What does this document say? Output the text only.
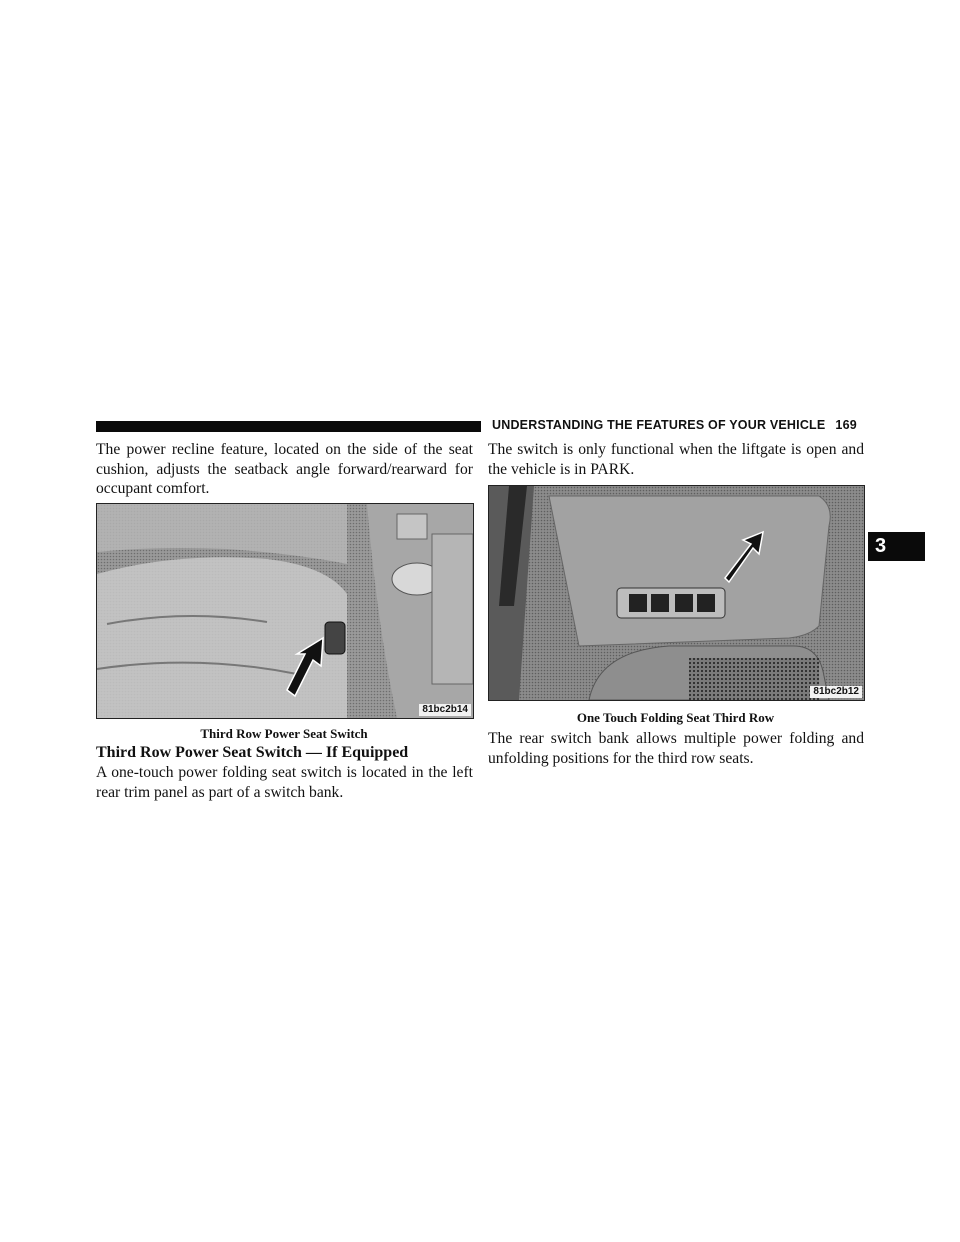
UNDERSTANDING THE FEATURES OF YOUR VEHICLE 169
3

The power recline feature, located on the side of the seat cushion, adjusts the seatback angle forward/rearward for occupant comfort.

81bc2b14

Third Row Power Seat Switch

Third Row Power Seat Switch — If Equipped

A one-touch power folding seat switch is located in the left rear trim panel as part of a switch bank.

The switch is only functional when the liftgate is open and the vehicle is in PARK.

81bc2b12

One Touch Folding Seat Third Row

The rear switch bank allows multiple power folding and unfolding positions for the third row seats.
